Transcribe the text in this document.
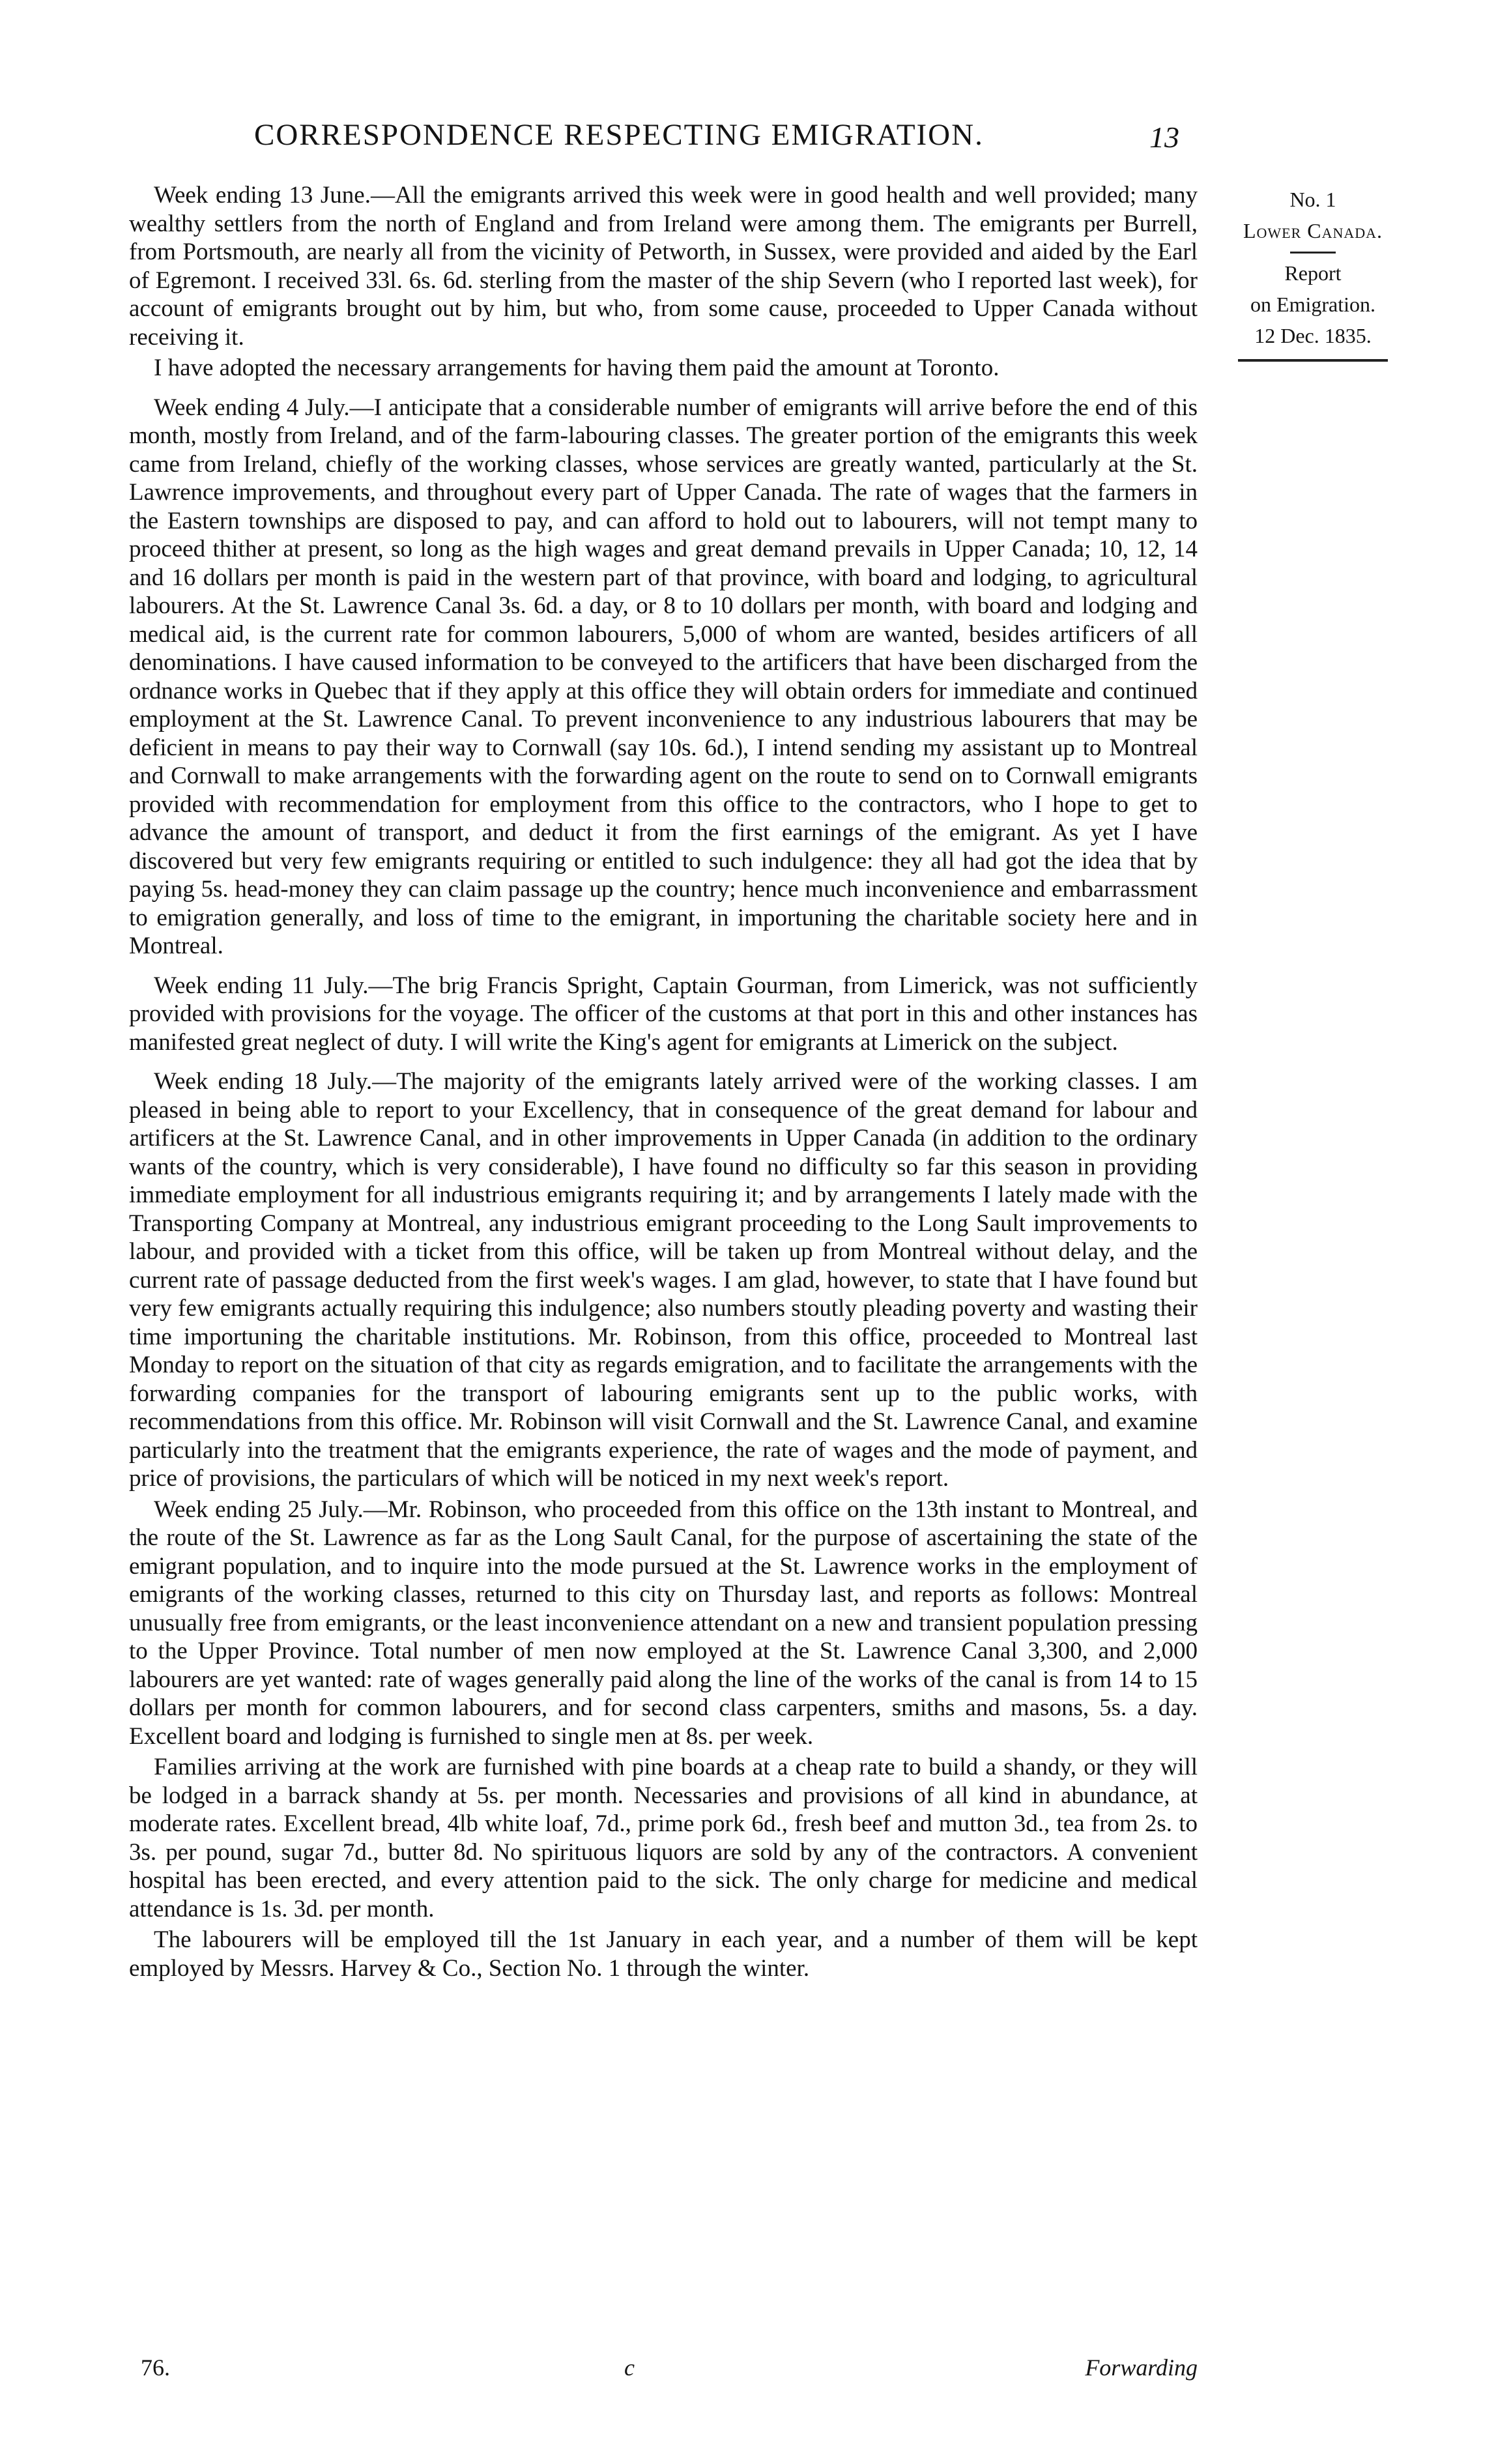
CORRESPONDENCE RESPECTING EMIGRATION.	13
No. 1
Lower Canada.
Report
on Emigration.
12 Dec. 1835.

Week ending 13 June.—All the emigrants arrived this week were in good health and well provided; many wealthy settlers from the north of England and from Ireland were among them. The emigrants per Burrell, from Portsmouth, are nearly all from the vicinity of Petworth, in Sussex, were provided and aided by the Earl of Egremont. I received 33l. 6s. 6d. sterling from the master of the ship Severn (who I reported last week), for account of emigrants brought out by him, but who, from some cause, proceeded to Upper Canada without receiving it.

I have adopted the necessary arrangements for having them paid the amount at Toronto.

Week ending 4 July.—I anticipate that a considerable number of emigrants will arrive before the end of this month, mostly from Ireland, and of the farm-labouring classes. The greater portion of the emigrants this week came from Ireland, chiefly of the working classes, whose services are greatly wanted, particularly at the St. Lawrence improvements, and throughout every part of Upper Canada. The rate of wages that the farmers in the Eastern townships are disposed to pay, and can afford to hold out to labourers, will not tempt many to proceed thither at present, so long as the high wages and great demand prevails in Upper Canada; 10, 12, 14 and 16 dollars per month is paid in the western part of that province, with board and lodging, to agricultural labourers. At the St. Lawrence Canal 3s. 6d. a day, or 8 to 10 dollars per month, with board and lodging and medical aid, is the current rate for common labourers, 5,000 of whom are wanted, besides artificers of all denominations. I have caused information to be conveyed to the artificers that have been discharged from the ordnance works in Quebec that if they apply at this office they will obtain orders for immediate and continued employment at the St. Lawrence Canal. To prevent inconvenience to any industrious labourers that may be deficient in means to pay their way to Cornwall (say 10s. 6d.), I intend sending my assistant up to Montreal and Cornwall to make arrangements with the forwarding agent on the route to send on to Cornwall emigrants provided with recommendation for employment from this office to the contractors, who I hope to get to advance the amount of transport, and deduct it from the first earnings of the emigrant. As yet I have discovered but very few emigrants requiring or entitled to such indulgence: they all had got the idea that by paying 5s. head-money they can claim passage up the country; hence much inconvenience and embarrassment to emigration generally, and loss of time to the emigrant, in importuning the charitable society here and in Montreal.

Week ending 11 July.—The brig Francis Spright, Captain Gourman, from Limerick, was not sufficiently provided with provisions for the voyage. The officer of the customs at that port in this and other instances has manifested great neglect of duty. I will write the King's agent for emigrants at Limerick on the subject.

Week ending 18 July.—The majority of the emigrants lately arrived were of the working classes. I am pleased in being able to report to your Excellency, that in consequence of the great demand for labour and artificers at the St. Lawrence Canal, and in other improvements in Upper Canada (in addition to the ordinary wants of the country, which is very considerable), I have found no difficulty so far this season in providing immediate employment for all industrious emigrants requiring it; and by arrangements I lately made with the Transporting Company at Montreal, any industrious emigrant proceeding to the Long Sault improvements to labour, and provided with a ticket from this office, will be taken up from Montreal without delay, and the current rate of passage deducted from the first week's wages. I am glad, however, to state that I have found but very few emigrants actually requiring this indulgence; also numbers stoutly pleading poverty and wasting their time importuning the charitable institutions. Mr. Robinson, from this office, proceeded to Montreal last Monday to report on the situation of that city as regards emigration, and to facilitate the arrangements with the forwarding companies for the transport of labouring emigrants sent up to the public works, with recommendations from this office. Mr. Robinson will visit Cornwall and the St. Lawrence Canal, and examine particularly into the treatment that the emigrants experience, the rate of wages and the mode of payment, and price of provisions, the particulars of which will be noticed in my next week's report.

Week ending 25 July.—Mr. Robinson, who proceeded from this office on the 13th instant to Montreal, and the route of the St. Lawrence as far as the Long Sault Canal, for the purpose of ascertaining the state of the emigrant population, and to inquire into the mode pursued at the St. Lawrence works in the employment of emigrants of the working classes, returned to this city on Thursday last, and reports as follows: Montreal unusually free from emigrants, or the least inconvenience attendant on a new and transient population pressing to the Upper Province. Total number of men now employed at the St. Lawrence Canal 3,300, and 2,000 labourers are yet wanted: rate of wages generally paid along the line of the works of the canal is from 14 to 15 dollars per month for common labourers, and for second class carpenters, smiths and masons, 5s. a day. Excellent board and lodging is furnished to single men at 8s. per week.

Families arriving at the work are furnished with pine boards at a cheap rate to build a shandy, or they will be lodged in a barrack shandy at 5s. per month. Necessaries and provisions of all kind in abundance, at moderate rates. Excellent bread, 4lb white loaf, 7d., prime pork 6d., fresh beef and mutton 3d., tea from 2s. to 3s. per pound, sugar 7d., butter 8d. No spirituous liquors are sold by any of the contractors. A convenient hospital has been erected, and every attention paid to the sick. The only charge for medicine and medical attendance is 1s. 3d. per month.

The labourers will be employed till the 1st January in each year, and a number of them will be kept employed by Messrs. Harvey & Co., Section No. 1 through the winter.

76.	c	Forwarding
